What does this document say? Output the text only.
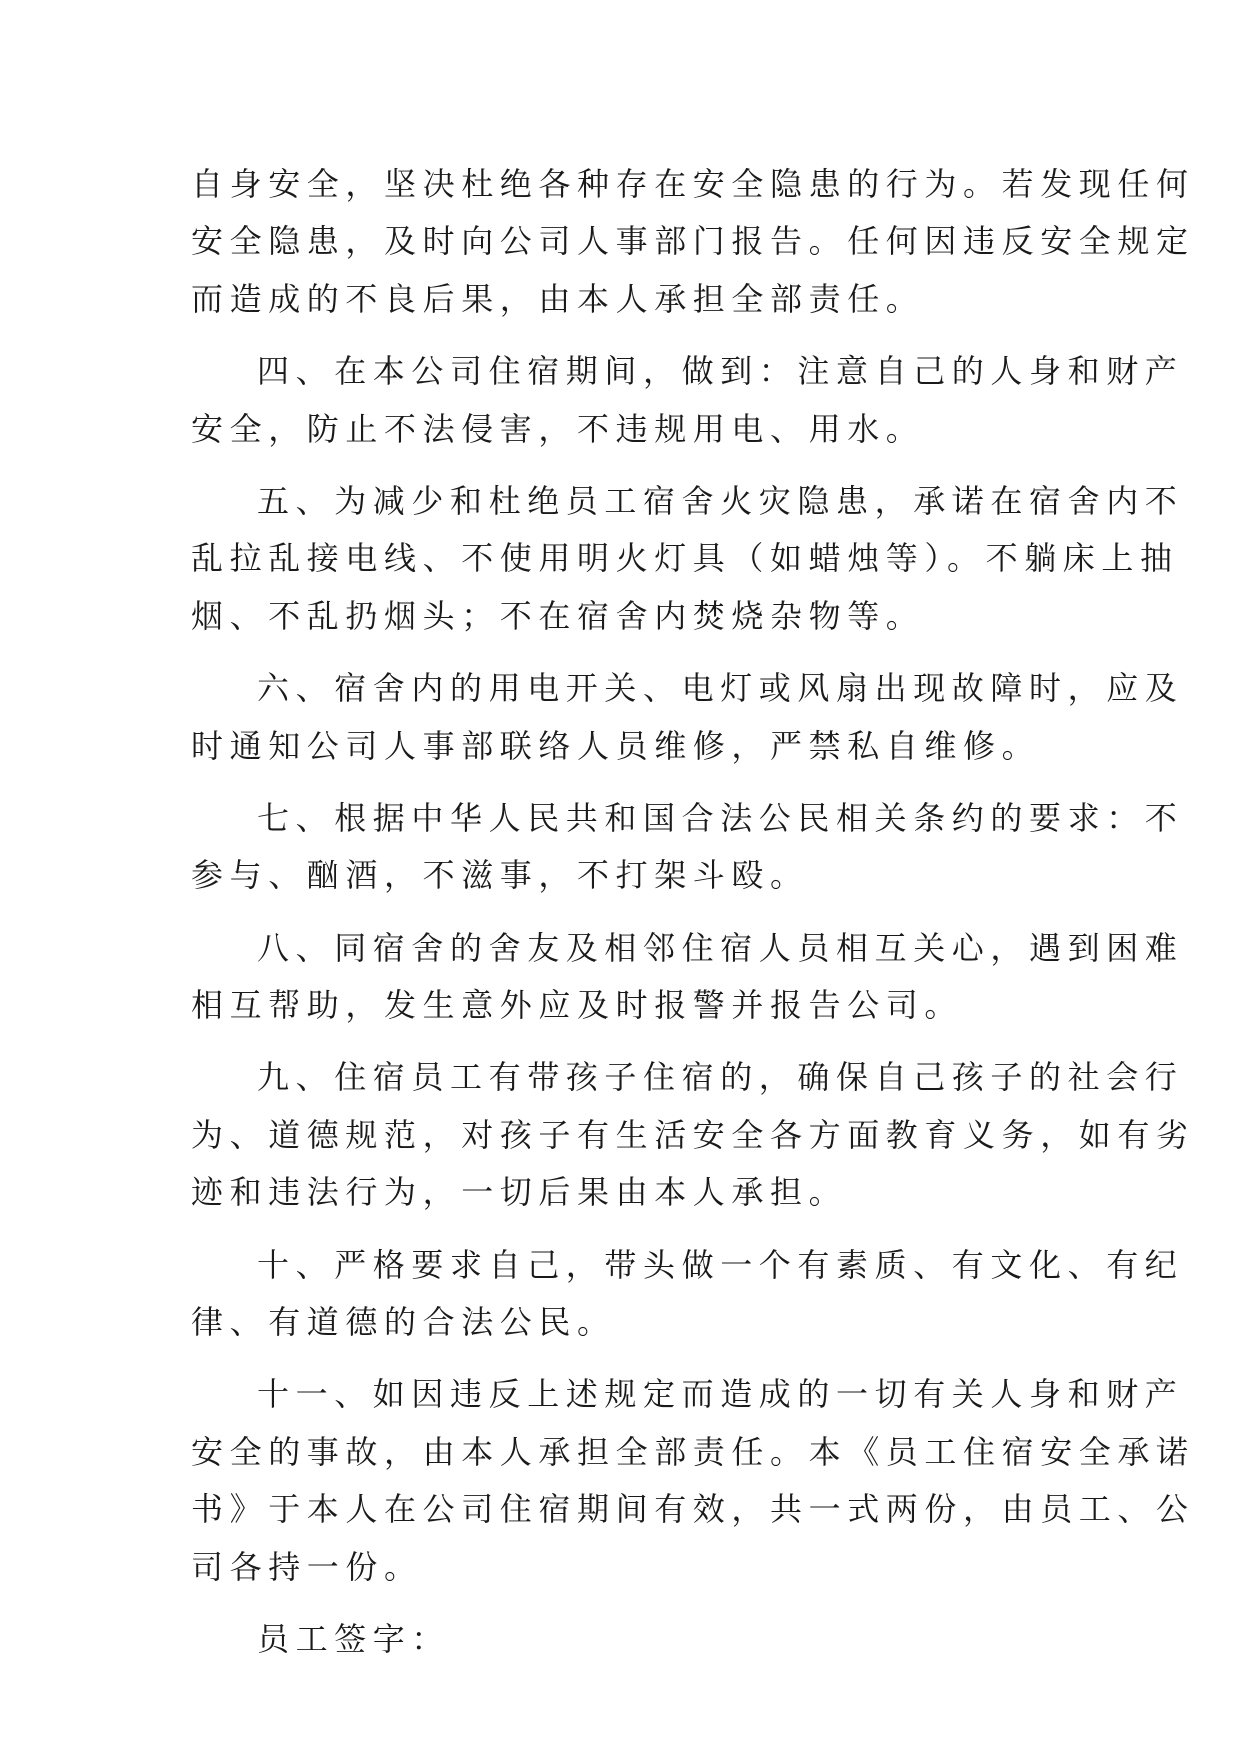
自身安全，坚决杜绝各种存在安全隐患的行为。若发现任何
安全隐患，及时向公司人事部门报告。任何因违反安全规定
而造成的不良后果，由本人承担全部责任。
四、在本公司住宿期间，做到：注意自己的人身和财产
安全，防止不法侵害，不违规用电、用水。
五、为减少和杜绝员工宿舍火灾隐患，承诺在宿舍内不
乱拉乱接电线、不使用明火灯具（如蜡烛等）。不躺床上抽
烟、不乱扔烟头；不在宿舍内焚烧杂物等。
六、宿舍内的用电开关、电灯或风扇出现故障时，应及
时通知公司人事部联络人员维修，严禁私自维修。
七、根据中华人民共和国合法公民相关条约的要求：不
参与、酗酒，不滋事，不打架斗殴。
八、同宿舍的舍友及相邻住宿人员相互关心，遇到困难
相互帮助，发生意外应及时报警并报告公司。
九、住宿员工有带孩子住宿的，确保自己孩子的社会行
为、道德规范，对孩子有生活安全各方面教育义务，如有劣
迹和违法行为，一切后果由本人承担。
十、严格要求自己，带头做一个有素质、有文化、有纪
律、有道德的合法公民。
十一、如因违反上述规定而造成的一切有关人身和财产
安全的事故，由本人承担全部责任。本《员工住宿安全承诺
书》于本人在公司住宿期间有效，共一式两份，由员工、公
司各持一份。
员工签字：
